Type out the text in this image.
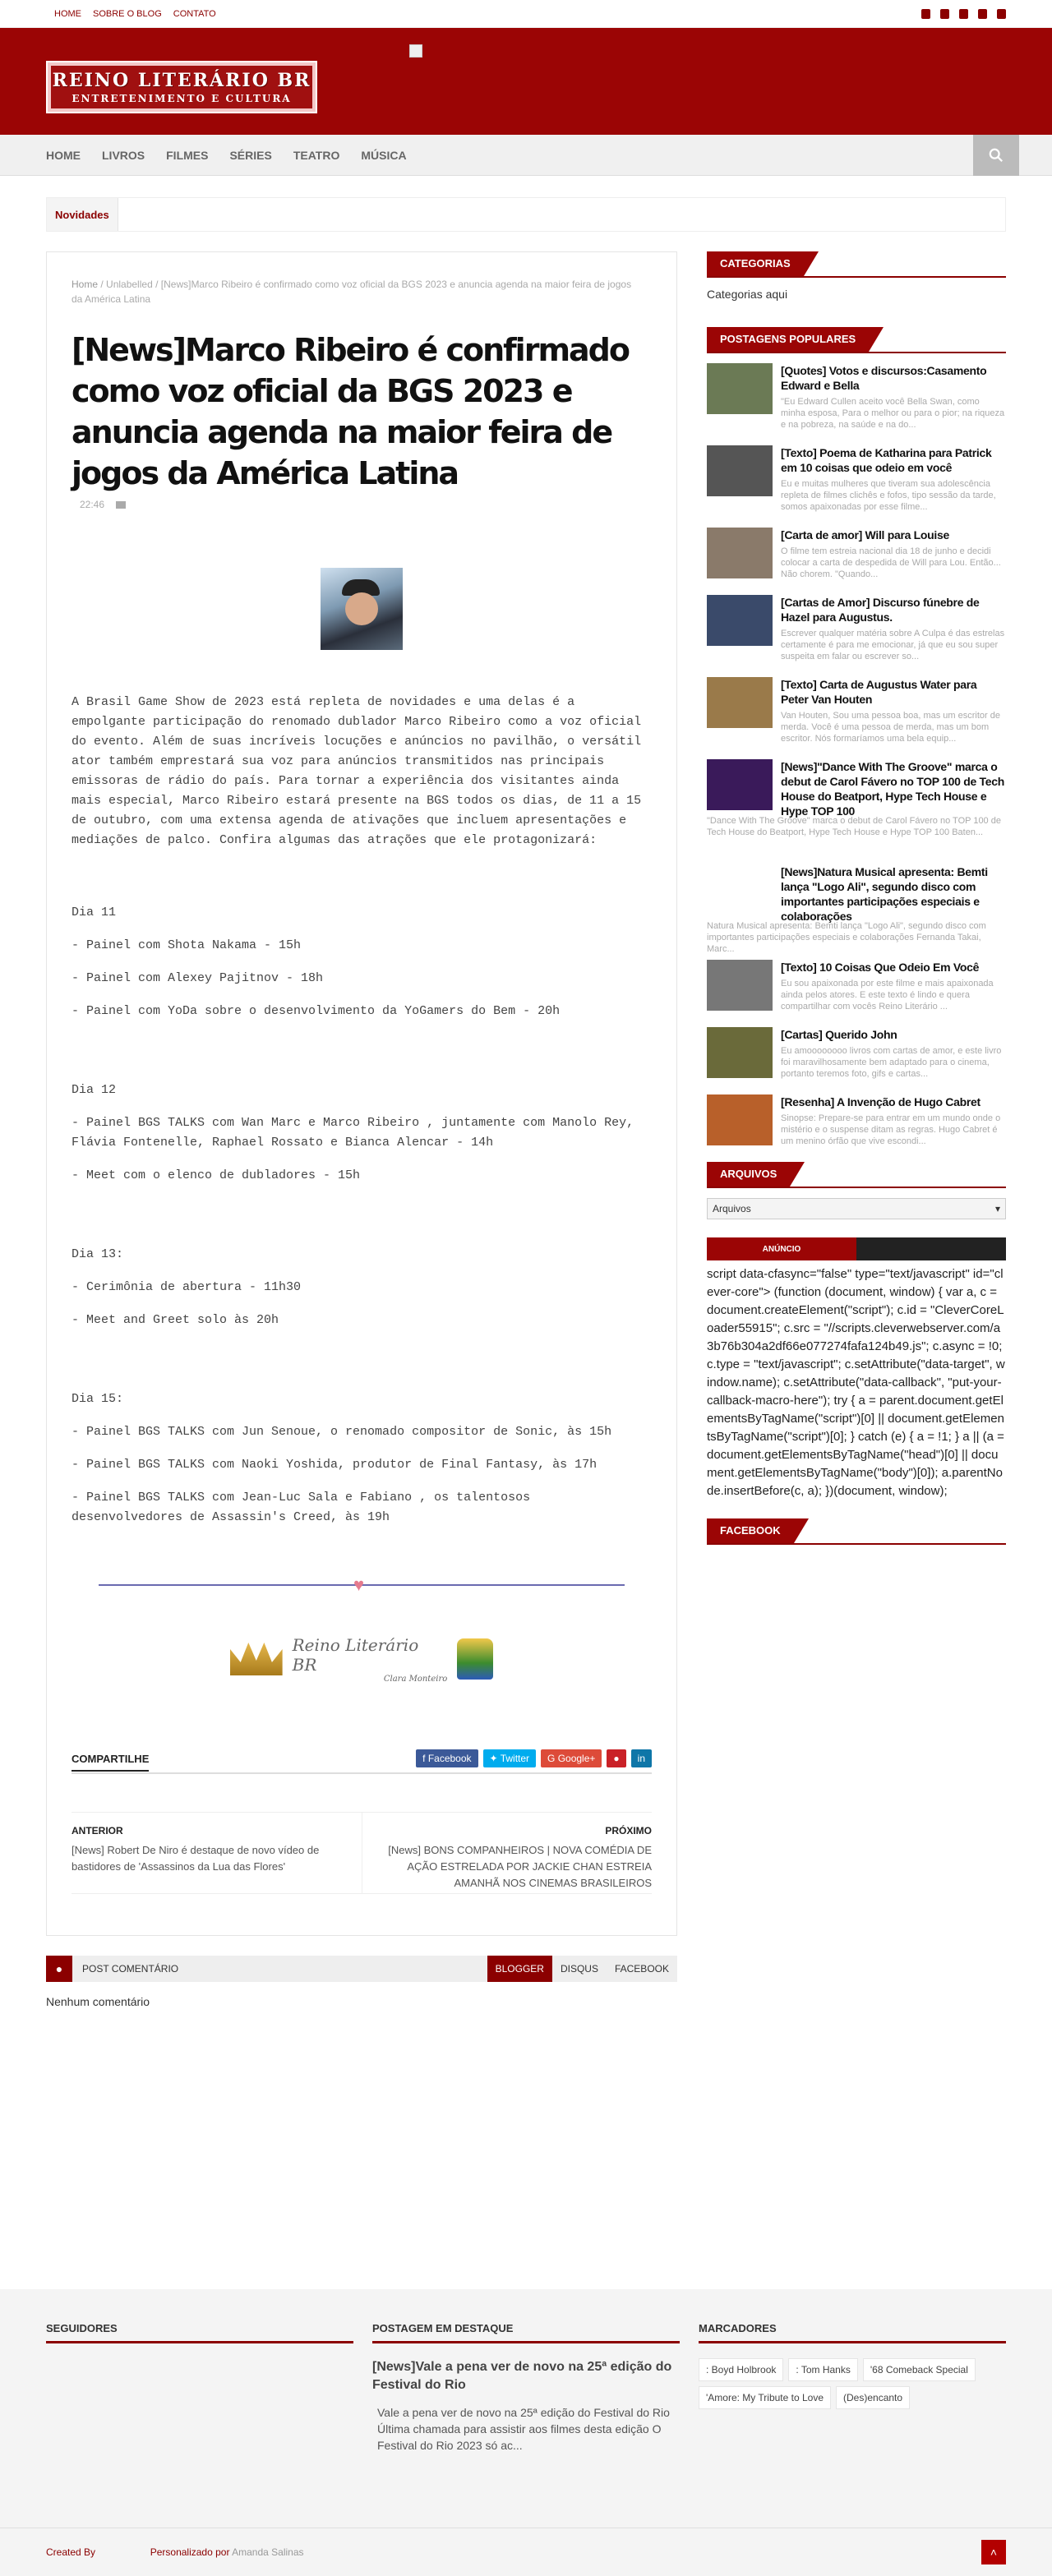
HOME SOBRE O BLOG CONTATO
REINO LITERÁRIO BR
ENTRETENIMENTO E CULTURA
HOME LIVROS FILMES SÉRIES TEATRO MÚSICA
Novidades
Home / Unlabelled / [News]Marco Ribeiro é confirmado como voz oficial da BGS 2023 e anuncia agenda na maior feira de jogos da América Latina
[News]Marco Ribeiro é confirmado como voz oficial da BGS 2023 e anuncia agenda na maior feira de jogos da América Latina
22:46

A Brasil Game Show de 2023 está repleta de novidades e uma delas é a empolgante participação do renomado dublador Marco Ribeiro como a voz oficial do evento. Além de suas incríveis locuções e anúncios no pavilhão, o versátil ator também emprestará sua voz para anúncios transmitidos nas principais emissoras de rádio do país. Para tornar a experiência dos visitantes ainda mais especial, Marco Ribeiro estará presente na BGS todos os dias, de 11 a 15 de outubro, com uma extensa agenda de ativações que incluem apresentações e mediações de palco. Confira algumas das atrações que ele protagonizará:

Dia 11

- Painel com Shota Nakama - 15h

- Painel com Alexey Pajitnov - 18h

- Painel com YoDa sobre o desenvolvimento da YoGamers do Bem - 20h

Dia 12

- Painel BGS TALKS com Wan Marc e Marco Ribeiro , juntamente com Manolo Rey, Flávia Fontenelle, Raphael Rossato e Bianca Alencar - 14h

- Meet com o elenco de dubladores - 15h

Dia 13:

- Cerimônia de abertura - 11h30

- Meet and Greet solo às 20h

Dia 15:

- Painel BGS TALKS com Jun Senoue, o renomado compositor de Sonic, às 15h

- Painel BGS TALKS com Naoki Yoshida, produtor de Final Fantasy, às 17h

- Painel BGS TALKS com Jean-Luc Sala e Fabiano , os talentosos desenvolvedores de Assassin's Creed, às 19h

♥
Reino Literário BR
Clara Monteiro
COMPARTILHE	f Facebook	✦ Twitter	G Google+	●	in
ANTERIOR
[News] Robert De Niro é destaque de novo vídeo de bastidores de 'Assassinos da Lua das Flores'
PRÓXIMO
[News] BONS COMPANHEIROS | NOVA COMÉDIA DE AÇÃO ESTRELADA POR JACKIE CHAN ESTREIA AMANHÃ NOS CINEMAS BRASILEIROS
●	POST COMENTÁRIO	BLOGGER	DISQUS	FACEBOOK
Nenhum comentário
CATEGORIAS
Categorias aqui
POSTAGENS POPULARES
[Quotes] Votos e discursos:Casamento Edward e Bella
"Eu Edward Cullen aceito você Bella Swan, como minha esposa, Para o melhor ou para o pior; na riqueza e na pobreza, na saúde e na do...
[Texto] Poema de Katharina para Patrick em 10 coisas que odeio em você
Eu e muitas mulheres que tiveram sua adolescência repleta de filmes clichês e fofos, tipo sessão da tarde, somos apaixonadas por esse filme...
[Carta de amor] Will para Louise
O filme tem estreia nacional dia 18 de junho e decidi colocar a carta de despedida de Will para Lou. Então... Não chorem. "Quando...
[Cartas de Amor] Discurso fúnebre de Hazel para Augustus.
Escrever qualquer matéria sobre A Culpa é das estrelas certamente é para me emocionar, já que eu sou super suspeita em falar ou escrever so...
[Texto] Carta de Augustus Water para Peter Van Houten
Van Houten, Sou uma pessoa boa, mas um escritor de merda. Você é uma pessoa de merda, mas um bom escritor. Nós formaríamos uma bela equip...
[News]"Dance With The Groove" marca o debut de Carol Fávero no TOP 100 de Tech House do Beatport, Hype Tech House e Hype TOP 100
"Dance With The Groove" marca o debut de Carol Fávero no TOP 100 de Tech House do Beatport, Hype Tech House e Hype TOP 100 Baten...
[News]Natura Musical apresenta: Bemti lança "Logo Ali", segundo disco com importantes participações especiais e colaborações
Natura Musical apresenta: Bemti lança "Logo Ali", segundo disco com importantes participações especiais e colaborações Fernanda Takai, Marc...
[Texto] 10 Coisas Que Odeio Em Você
Eu sou apaixonada por este filme e mais apaixonada ainda pelos atores. E este texto é lindo e quera compartilhar com vocês Reino Literário ...
[Cartas] Querido John
Eu amoooooooo livros com cartas de amor, e este livro foi maravilhosamente bem adaptado para o cinema, portanto teremos foto, gifs e cartas...
[Resenha] A Invenção de Hugo Cabret
Sinopse: Prepare-se para entrar em um mundo onde o mistério e o suspense ditam as regras. Hugo Cabret é um menino órfão que vive escondi...
ARQUIVOS
Arquivos	▾
ANÚNCIO
script data-cfasync="false" type="text/javascript" id="clever-core"> (function (document, window) { var a, c = document.createElement("script"); c.id = "CleverCoreLoader55915"; c.src = "//scripts.cleverwebserver.com/a3b76b304a2df66e077274fafa124b49.js"; c.async = !0; c.type = "text/javascript"; c.setAttribute("data-target", window.name); c.setAttribute("data-callback", "put-your-callback-macro-here"); try { a = parent.document.getElementsByTagName("script")[0] || document.getElementsByTagName("script")[0]; } catch (e) { a = !1; } a || (a = document.getElementsByTagName("head")[0] || document.getElementsByTagName("body")[0]); a.parentNode.insertBefore(c, a); })(document, window);
FACEBOOK
SEGUIDORES	POSTAGEM EM DESTAQUE
[News]Vale a pena ver de novo na 25ª edição do Festival do Rio
Vale a pena ver de novo na 25ª edição do Festival do Rio Última chamada para assistir aos filmes desta edição O Festival do Rio 2023 só ac...
MARCADORES
: Boyd Holbrook	: Tom Hanks	'68 Comeback Special
'Amore: My Tribute to Love	(Des)encanto
Created By	Personalizado por Amanda Salinas	˄
